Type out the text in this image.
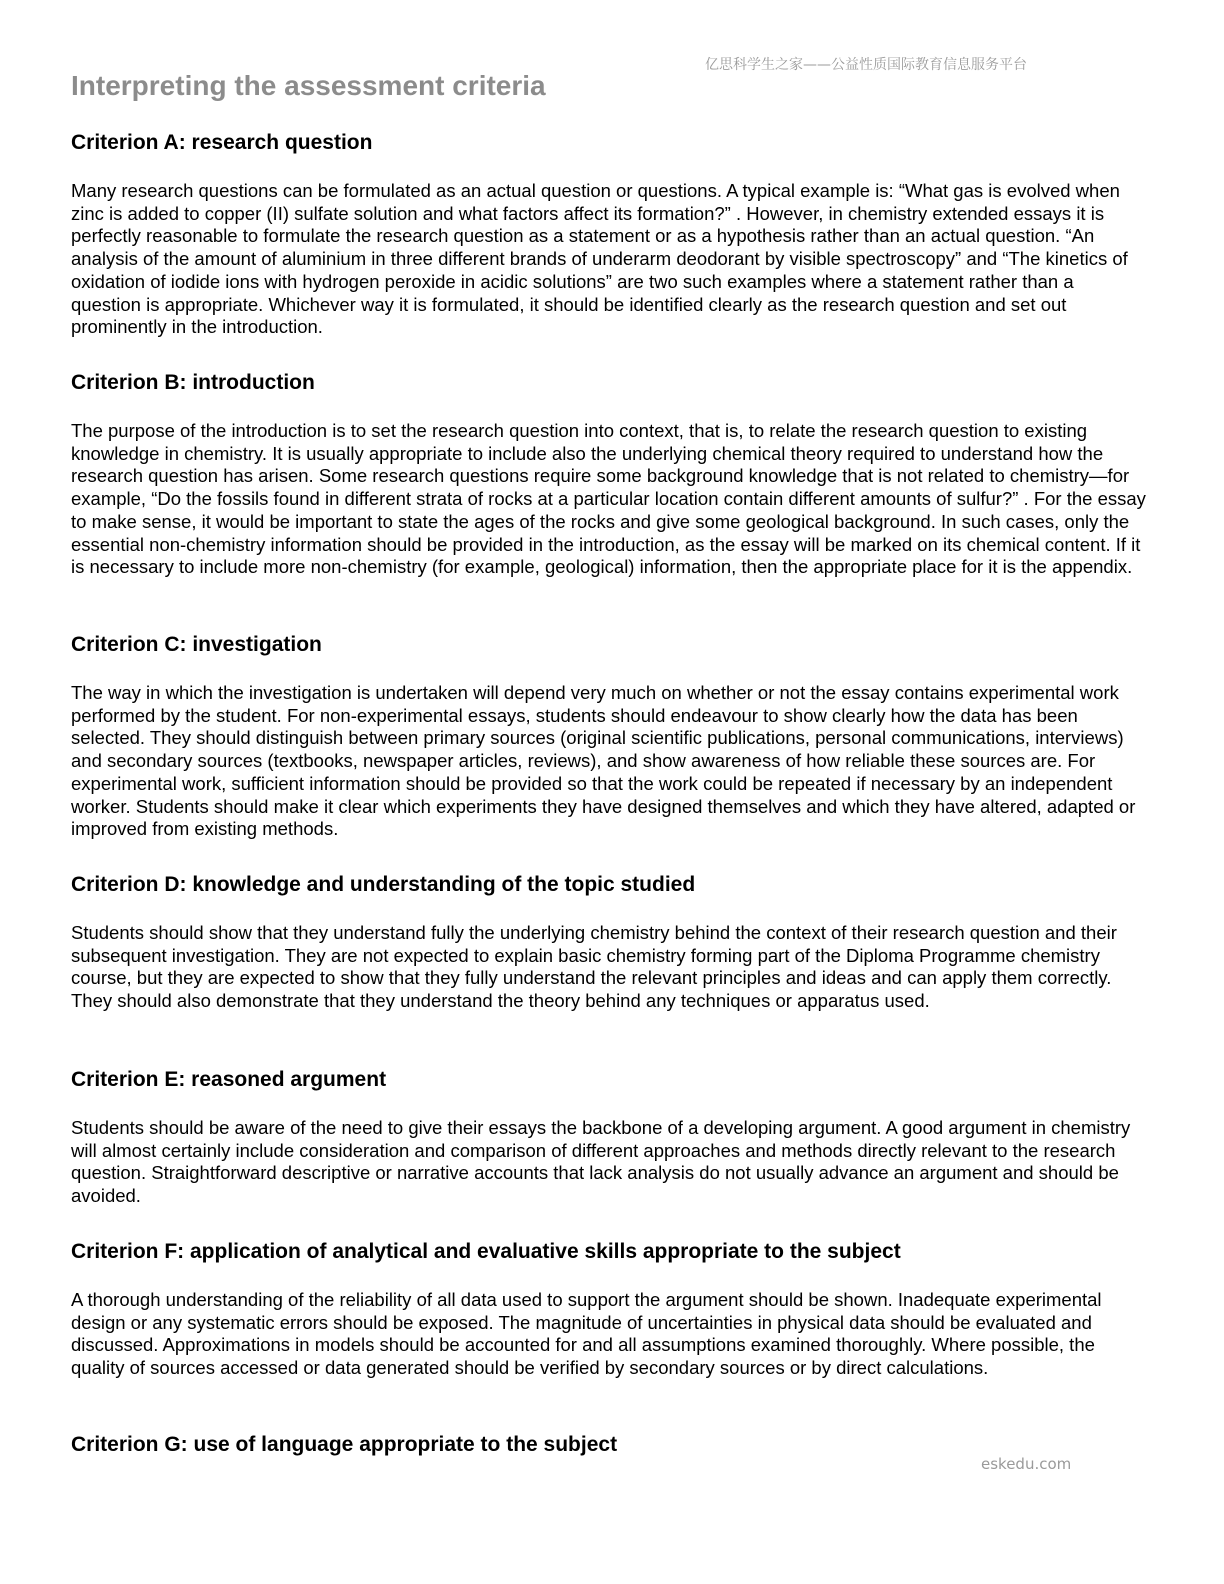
亿思科学生之家——公益性质国际教育信息服务平台
Interpreting the assessment criteria
Criterion A: research question

Many research questions can be formulated as an actual question or questions. A typical example is: “What gas is evolved when zinc is added to copper (II) sulfate solution and what factors affect its formation?” . However, in chemistry extended essays it is perfectly reasonable to formulate the research question as a statement or as a hypothesis rather than an actual question. “An analysis of the amount of aluminium in three different brands of underarm deodorant by visible spectroscopy” and “The kinetics of oxidation of iodide ions with hydrogen peroxide in acidic solutions” are two such examples where a statement rather than a question is appropriate. Whichever way it is formulated, it should be identified clearly as the research question and set out prominently in the introduction.

Criterion B: introduction

The purpose of the introduction is to set the research question into context, that is, to relate the research question to existing knowledge in chemistry. It is usually appropriate to include also the underlying chemical theory required to understand how the research question has arisen. Some research questions require some background knowledge that is not related to chemistry—for example, “Do the fossils found in different strata of rocks at a particular location contain different amounts of sulfur?” . For the essay to make sense, it would be important to state the ages of the rocks and give some geological background. In such cases, only the essential non-chemistry information should be provided in the introduction, as the essay will be marked on its chemical content. If it is necessary to include more non-chemistry (for example, geological) information, then the appropriate place for it is the appendix.

Criterion C: investigation

The way in which the investigation is undertaken will depend very much on whether or not the essay contains experimental work performed by the student. For non-experimental essays, students should endeavour to show clearly how the data has been selected. They should distinguish between primary sources (original scientific publications, personal communications, interviews) and secondary sources (textbooks, newspaper articles, reviews), and show awareness of how reliable these sources are. For experimental work, sufficient information should be provided so that the work could be repeated if necessary by an independent worker. Students should make it clear which experiments they have designed themselves and which they have altered, adapted or improved from existing methods.

Criterion D: knowledge and understanding of the topic studied

Students should show that they understand fully the underlying chemistry behind the context of their research question and their subsequent investigation. They are not expected to explain basic chemistry forming part of the Diploma Programme chemistry course, but they are expected to show that they fully understand the relevant principles and ideas and can apply them correctly. They should also demonstrate that they understand the theory behind any techniques or apparatus used.

Criterion E: reasoned argument

Students should be aware of the need to give their essays the backbone of a developing argument. A good argument in chemistry will almost certainly include consideration and comparison of different approaches and methods directly relevant to the research question. Straightforward descriptive or narrative accounts that lack analysis do not usually advance an argument and should be avoided.

Criterion F: application of analytical and evaluative skills appropriate to the subject

A thorough understanding of the reliability of all data used to support the argument should be shown. Inadequate experimental design or any systematic errors should be exposed. The magnitude of uncertainties in physical data should be evaluated and discussed. Approximations in models should be accounted for and all assumptions examined thoroughly. Where possible, the quality of sources accessed or data generated should be verified by secondary sources or by direct calculations.

Criterion G: use of language appropriate to the subject
eskedu.com
